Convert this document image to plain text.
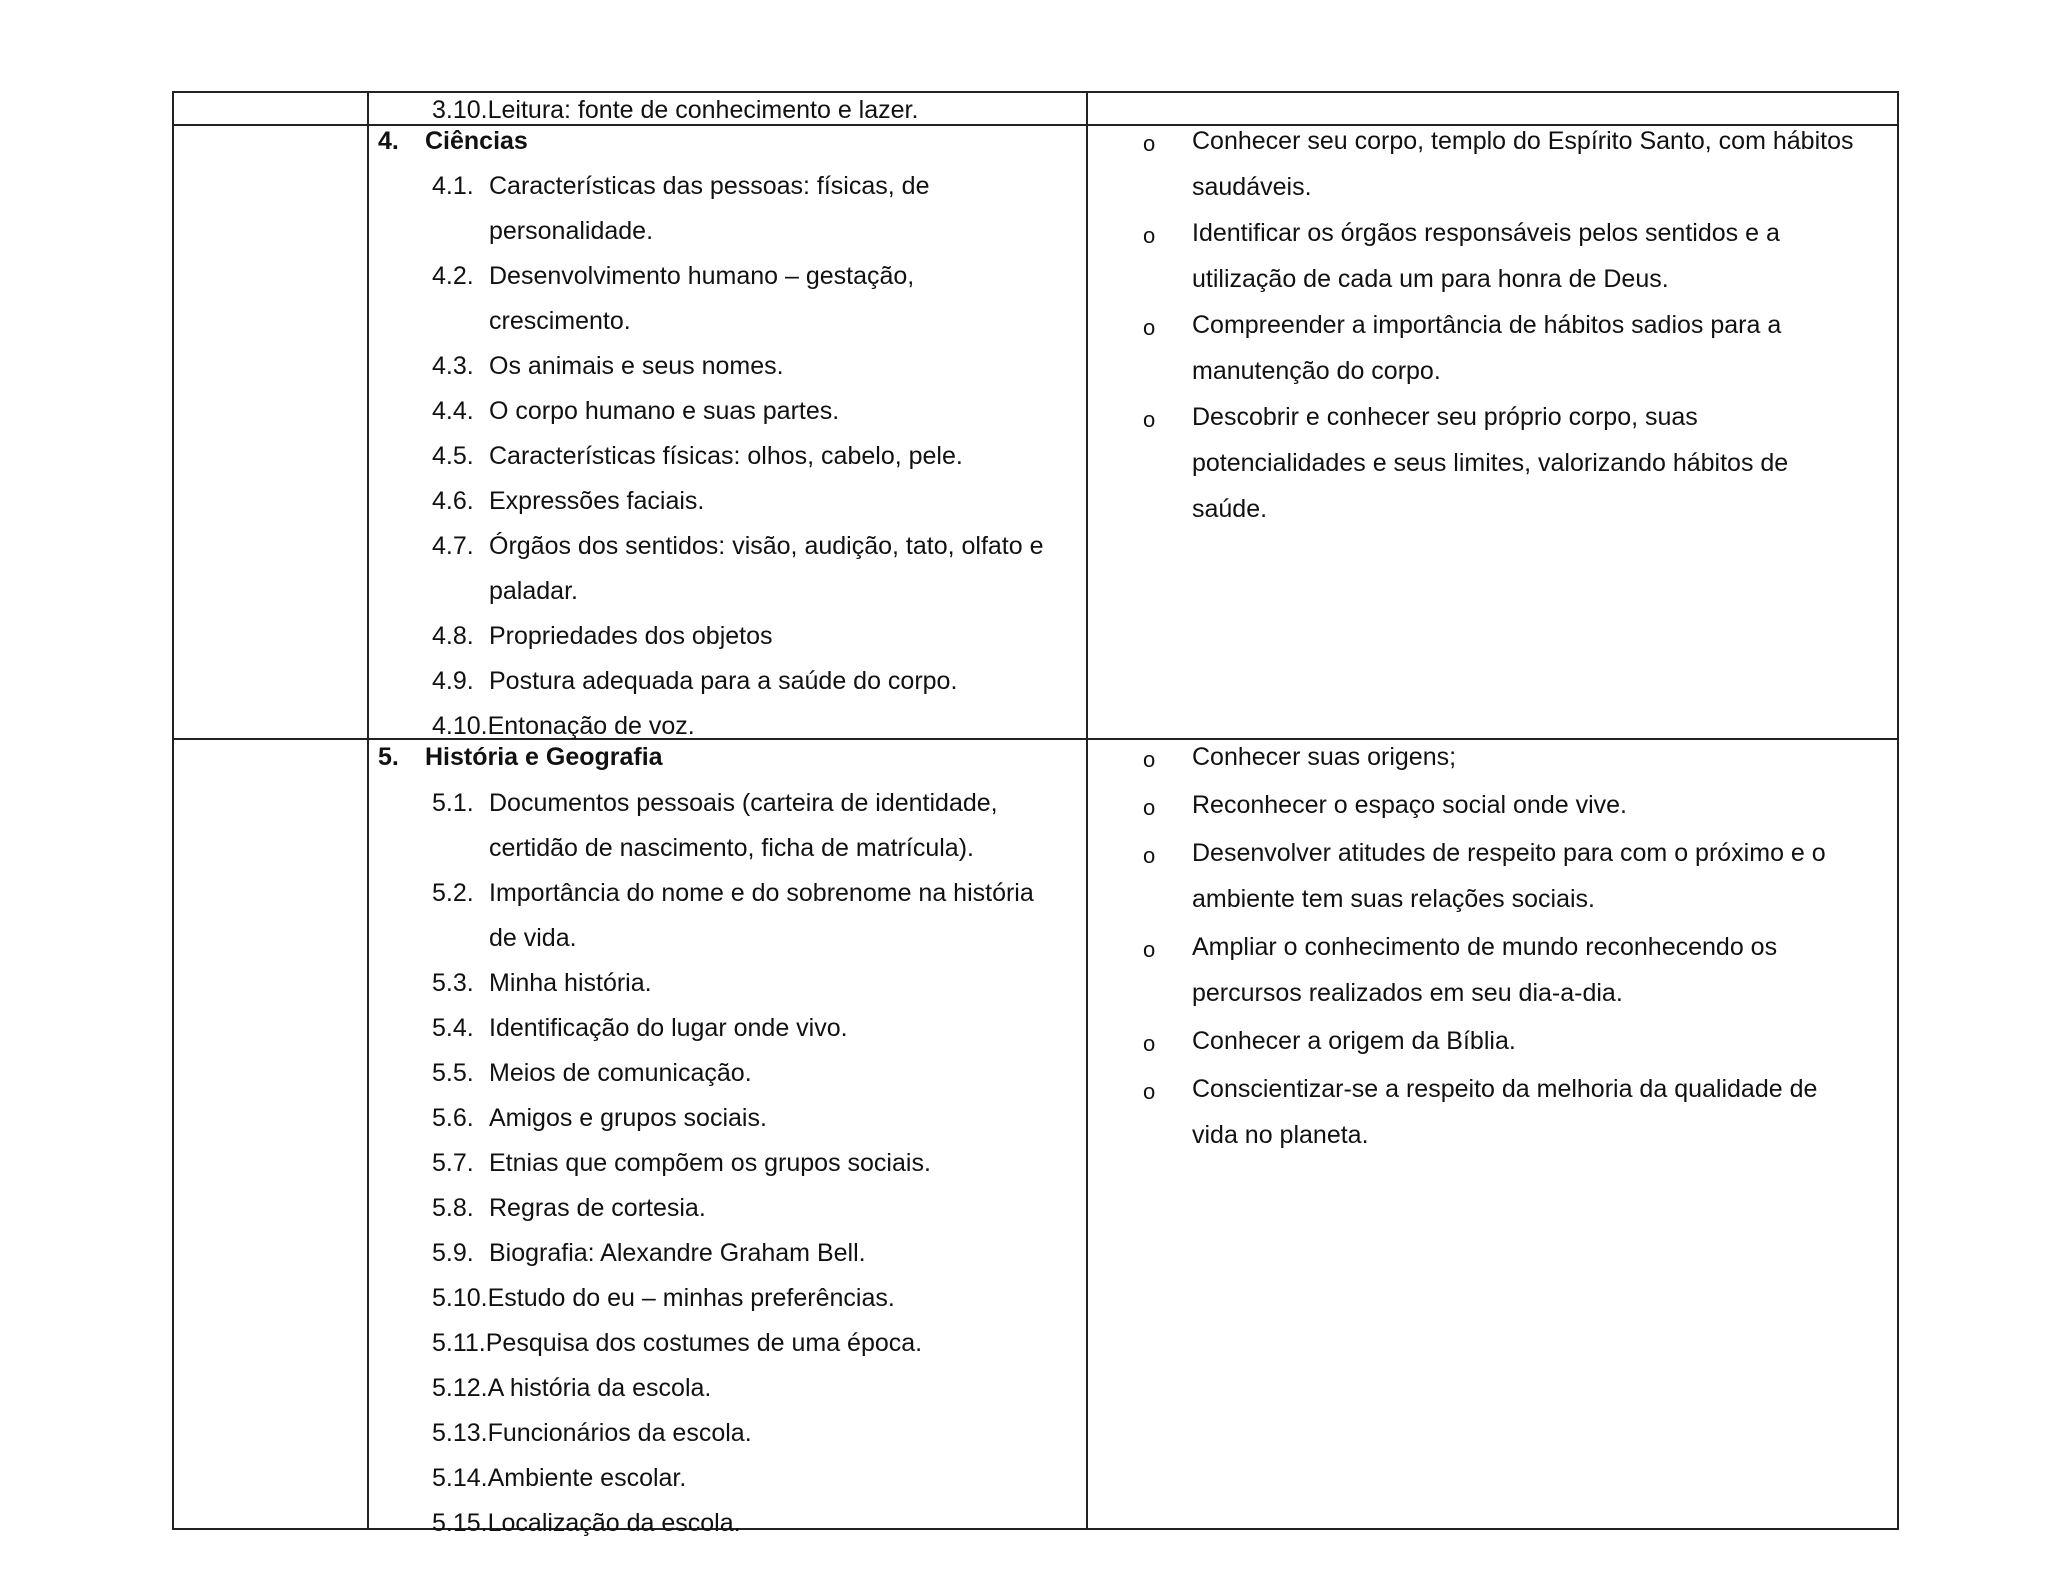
3.10.Leitura: fonte de conhecimento e lazer.
4. Ciências
4.1. Características das pessoas: físicas, de
personalidade.
4.2. Desenvolvimento humano – gestação,
crescimento.
4.3. Os animais e seus nomes.
4.4. O corpo humano e suas partes.
4.5. Características físicas: olhos, cabelo, pele.
4.6. Expressões faciais.
4.7. Órgãos dos sentidos: visão, audição, tato, olfato e
paladar.
4.8. Propriedades dos objetos
4.9. Postura adequada para a saúde do corpo.
4.10.Entonação de voz.
o Conhecer seu corpo, templo do Espírito Santo, com hábitos
saudáveis.
o Identificar os órgãos responsáveis pelos sentidos e a
utilização de cada um para honra de Deus.
o Compreender a importância de hábitos sadios para a
manutenção do corpo.
o Descobrir e conhecer seu próprio corpo, suas
potencialidades e seus limites, valorizando hábitos de
saúde.
5. História e Geografia
5.1. Documentos pessoais (carteira de identidade,
certidão de nascimento, ficha de matrícula).
5.2. Importância do nome e do sobrenome na história
de vida.
5.3. Minha história.
5.4. Identificação do lugar onde vivo.
5.5. Meios de comunicação.
5.6. Amigos e grupos sociais.
5.7. Etnias que compõem os grupos sociais.
5.8. Regras de cortesia.
5.9. Biografia: Alexandre Graham Bell.
5.10.Estudo do eu – minhas preferências.
5.11.Pesquisa dos costumes de uma época.
5.12.A história da escola.
5.13.Funcionários da escola.
5.14.Ambiente escolar.
5.15.Localização da escola.
o Conhecer suas origens;
o Reconhecer o espaço social onde vive.
o Desenvolver atitudes de respeito para com o próximo e o
ambiente tem suas relações sociais.
o Ampliar o conhecimento de mundo reconhecendo os
percursos realizados em seu dia-a-dia.
o Conhecer a origem da Bíblia.
o Conscientizar-se a respeito da melhoria da qualidade de
vida no planeta.
